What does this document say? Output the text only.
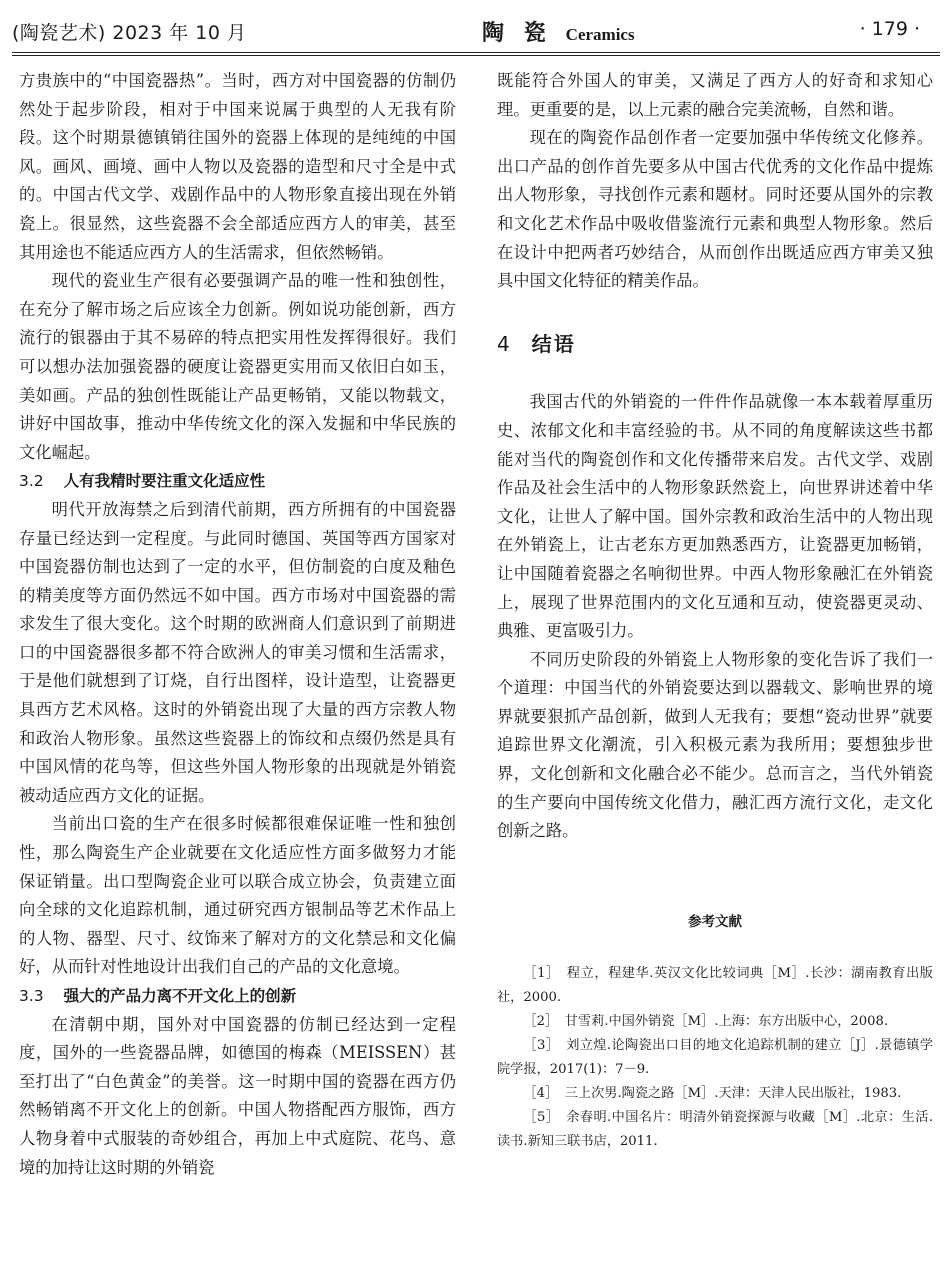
(陶瓷艺术) 2023 年 10 月	陶 瓷 Ceramics	· 179 ·

方贵族中的“中国瓷器热”。当时，西方对中国瓷器的仿制仍然处于起步阶段，相对于中国来说属于典型的人无我有阶段。这个时期景德镇销往国外的瓷器上体现的是纯纯的中国风。画风、画境、画中人物以及瓷器的造型和尺寸全是中式的。中国古代文学、戏剧作品中的人物形象直接出现在外销瓷上。很显然，这些瓷器不会全部适应西方人的审美，甚至其用途也不能适应西方人的生活需求，但依然畅销。

现代的瓷业生产很有必要强调产品的唯一性和独创性，在充分了解市场之后应该全力创新。例如说功能创新，西方流行的银器由于其不易碎的特点把实用性发挥得很好。我们可以想办法加强瓷器的硬度让瓷器更实用而又依旧白如玉，美如画。产品的独创性既能让产品更畅销，又能以物载文，讲好中国故事，推动中华传统文化的深入发掘和中华民族的文化崛起。

3.2 人有我精时要注重文化适应性

明代开放海禁之后到清代前期，西方所拥有的中国瓷器存量已经达到一定程度。与此同时德国、英国等西方国家对中国瓷器仿制也达到了一定的水平，但仿制瓷的白度及釉色的精美度等方面仍然远不如中国。西方市场对中国瓷器的需求发生了很大变化。这个时期的欧洲商人们意识到了前期进口的中国瓷器很多都不符合欧洲人的审美习惯和生活需求，于是他们就想到了订烧，自行出图样，设计造型，让瓷器更具西方艺术风格。这时的外销瓷出现了大量的西方宗教人物和政治人物形象。虽然这些瓷器上的饰纹和点缀仍然是具有中国风情的花鸟等，但这些外国人物形象的出现就是外销瓷被动适应西方文化的证据。

当前出口瓷的生产在很多时候都很难保证唯一性和独创性，那么陶瓷生产企业就要在文化适应性方面多做努力才能保证销量。出口型陶瓷企业可以联合成立协会，负责建立面向全球的文化追踪机制，通过研究西方银制品等艺术作品上的人物、器型、尺寸、纹饰来了解对方的文化禁忌和文化偏好，从而针对性地设计出我们自己的产品的文化意境。

3.3 强大的产品力离不开文化上的创新

在清朝中期，国外对中国瓷器的仿制已经达到一定程度，国外的一些瓷器品牌，如德国的梅森（MEISSEN）甚至打出了“白色黄金”的美誉。这一时期中国的瓷器在西方仍然畅销离不开文化上的创新。中国人物搭配西方服饰，西方人物身着中式服装的奇妙组合，再加上中式庭院、花鸟、意境的加持让这时期的外销瓷

既能符合外国人的审美，又满足了西方人的好奇和求知心理。更重要的是，以上元素的融合完美流畅，自然和谐。

现在的陶瓷作品创作者一定要加强中华传统文化修养。出口产品的创作首先要多从中国古代优秀的文化作品中提炼出人物形象，寻找创作元素和题材。同时还要从国外的宗教和文化艺术作品中吸收借鉴流行元素和典型人物形象。然后在设计中把两者巧妙结合，从而创作出既适应西方审美又独具中国文化特征的精美作品。

4 结语

我国古代的外销瓷的一件件作品就像一本本载着厚重历史、浓郁文化和丰富经验的书。从不同的角度解读这些书都能对当代的陶瓷创作和文化传播带来启发。古代文学、戏剧作品及社会生活中的人物形象跃然瓷上，向世界讲述着中华文化，让世人了解中国。国外宗教和政治生活中的人物出现在外销瓷上，让古老东方更加熟悉西方，让瓷器更加畅销，让中国随着瓷器之名响彻世界。中西人物形象融汇在外销瓷上，展现了世界范围内的文化互通和互动，使瓷器更灵动、典雅、更富吸引力。

不同历史阶段的外销瓷上人物形象的变化告诉了我们一个道理：中国当代的外销瓷要达到以器载文、影响世界的境界就要狠抓产品创新，做到人无我有；要想“瓷动世界”就要追踪世界文化潮流，引入积极元素为我所用；要想独步世界，文化创新和文化融合必不能少。总而言之，当代外销瓷的生产要向中国传统文化借力，融汇西方流行文化，走文化创新之路。

参考文献

［1］　程立，程建华.英汉文化比较词典［M］.长沙：湖南教育出版社，2000.

［2］　甘雪莉.中国外销瓷［M］.上海：东方出版中心，2008.

［3］　刘立煌.论陶瓷出口目的地文化追踪机制的建立［J］.景德镇学院学报，2017(1)：7－9.

［4］　三上次男.陶瓷之路［M］.天津：天津人民出版社，1983.

［5］　余春明.中国名片：明清外销瓷探源与收藏［M］.北京：生活.读书.新知三联书店，2011.
